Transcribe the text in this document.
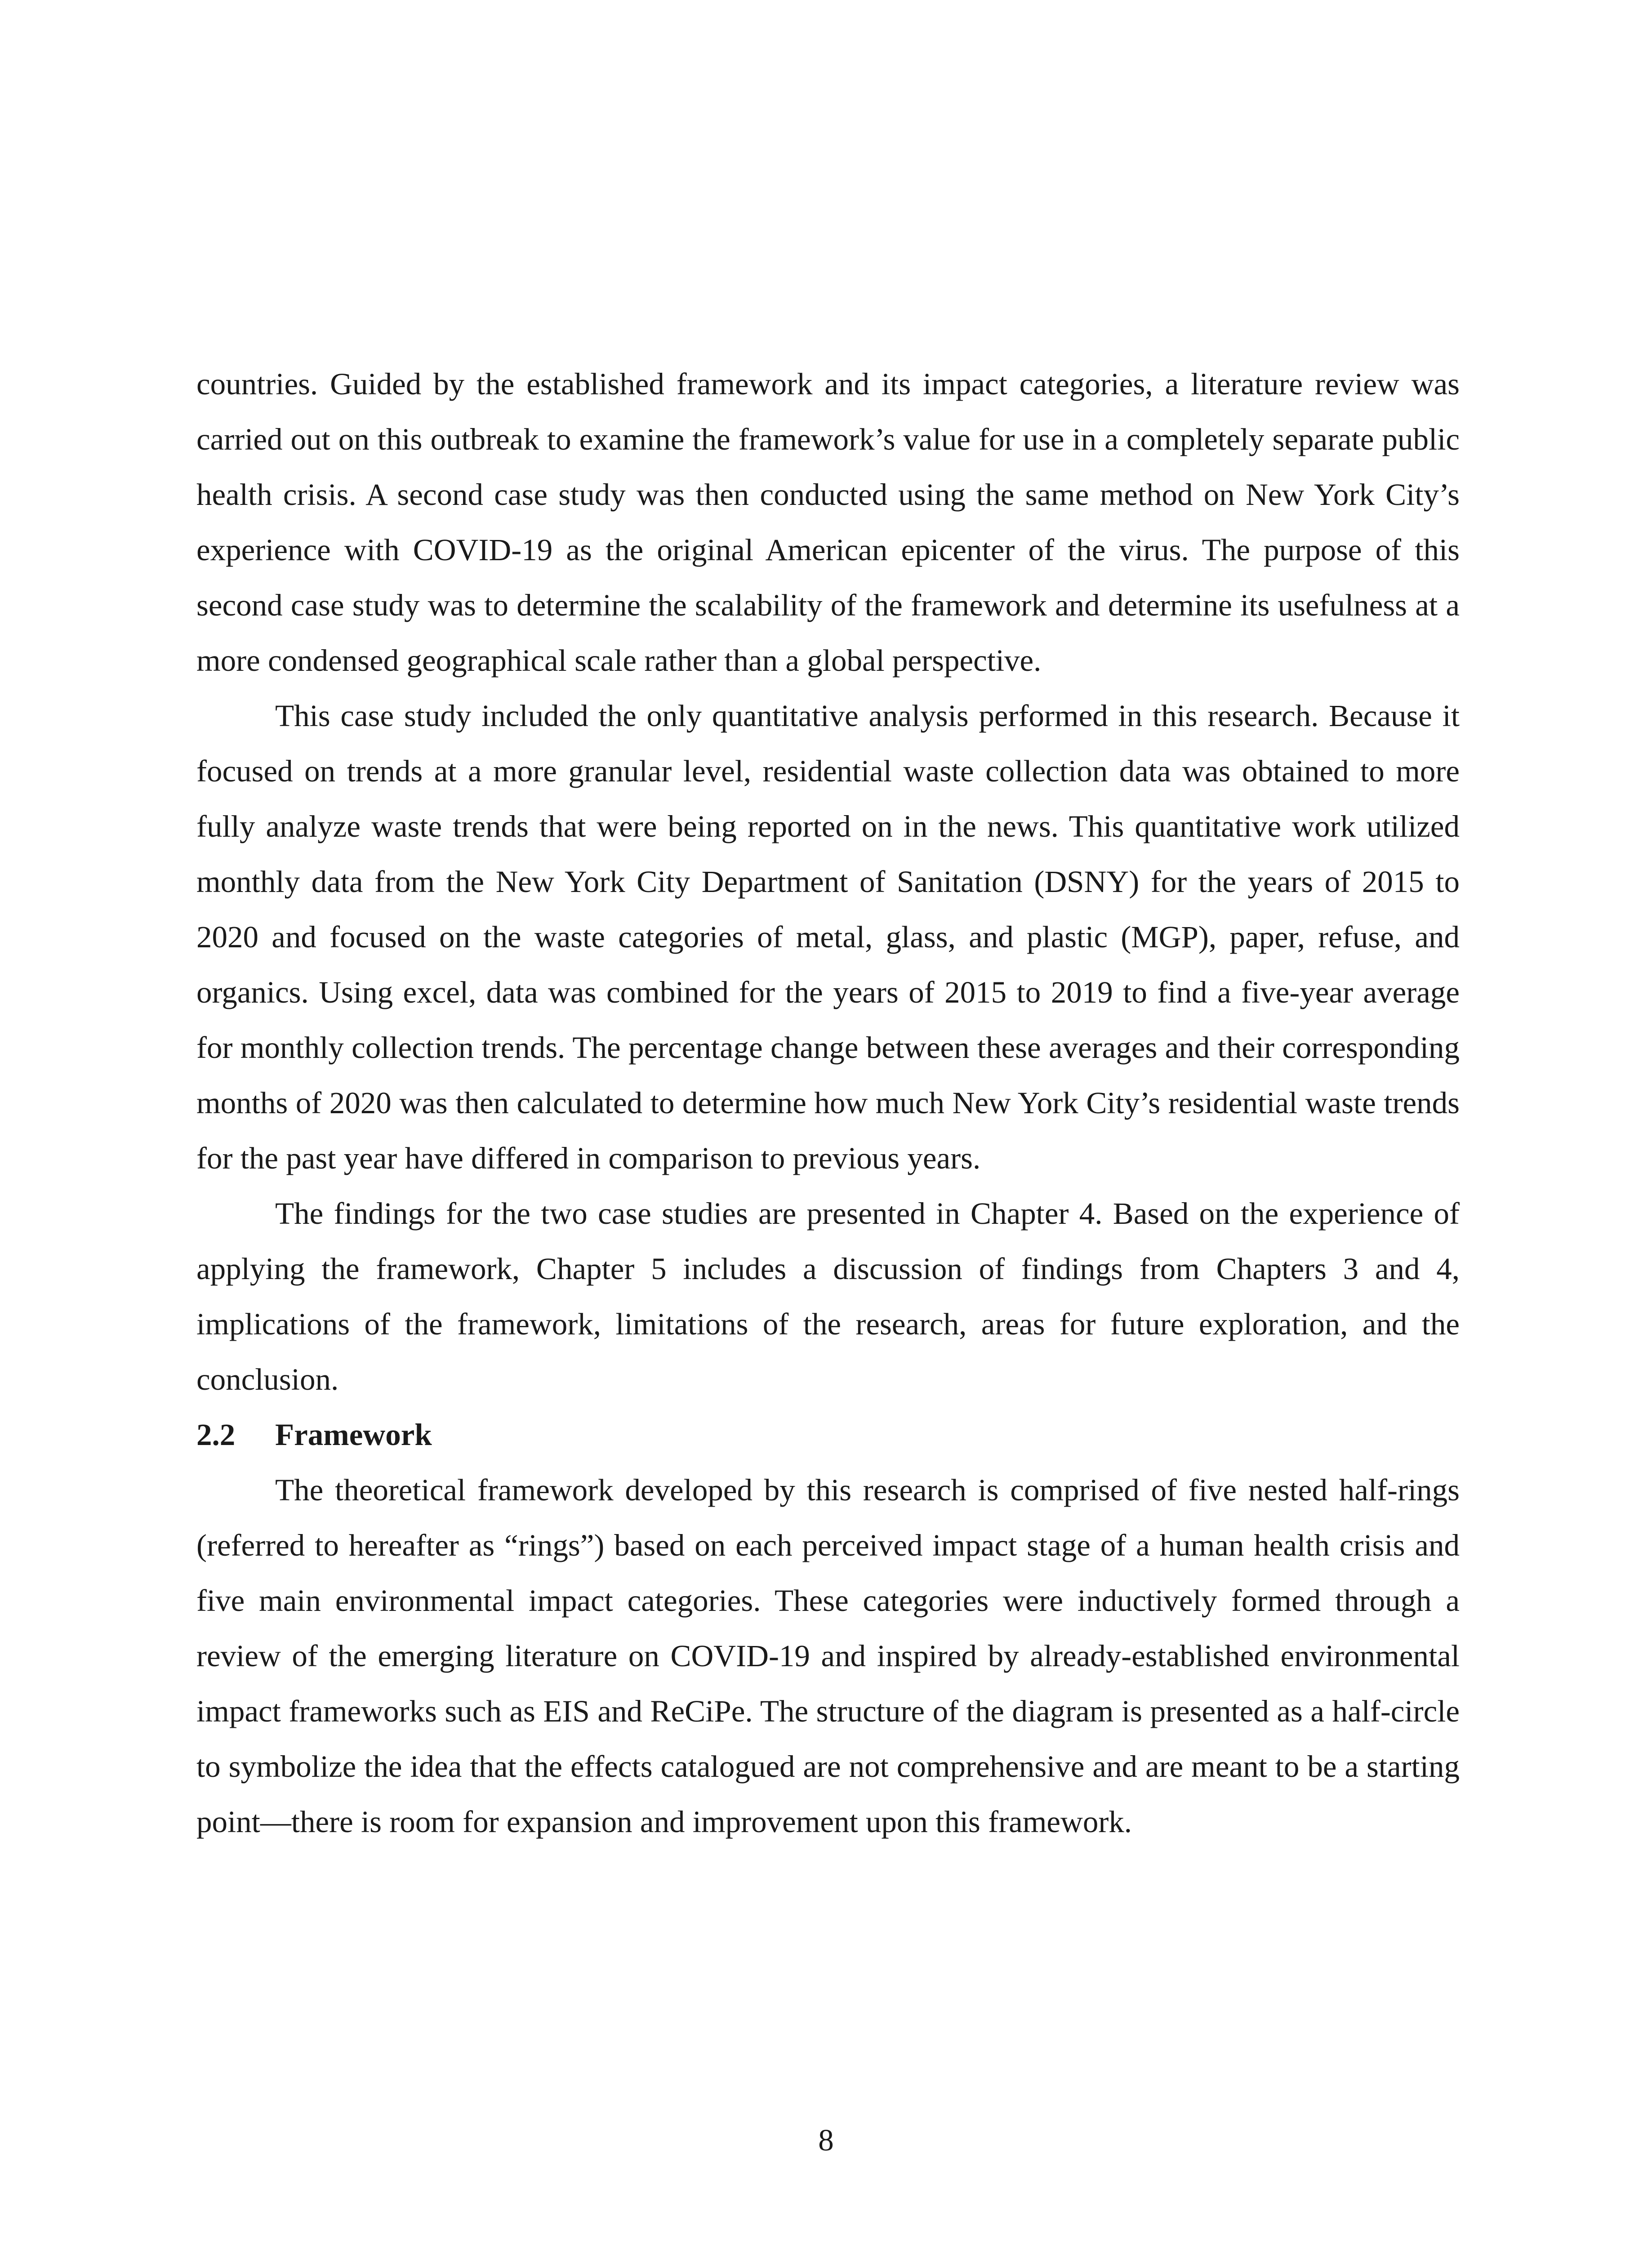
countries. Guided by the established framework and its impact categories, a literature review was carried out on this outbreak to examine the framework’s value for use in a completely separate public health crisis. A second case study was then conducted using the same method on New York City’s experience with COVID-19 as the original American epicenter of the virus. The purpose of this second case study was to determine the scalability of the framework and determine its usefulness at a more condensed geographical scale rather than a global perspective.

This case study included the only quantitative analysis performed in this research. Because it focused on trends at a more granular level, residential waste collection data was obtained to more fully analyze waste trends that were being reported on in the news. This quantitative work utilized monthly data from the New York City Department of Sanitation (DSNY) for the years of 2015 to 2020 and focused on the waste categories of metal, glass, and plastic (MGP), paper, refuse, and organics. Using excel, data was combined for the years of 2015 to 2019 to find a five-year average for monthly collection trends. The percentage change between these averages and their corresponding months of 2020 was then calculated to determine how much New York City’s residential waste trends for the past year have differed in comparison to previous years.

The findings for the two case studies are presented in Chapter 4. Based on the experience of applying the framework, Chapter 5 includes a discussion of findings from Chapters 3 and 4, implications of the framework, limitations of the research, areas for future exploration, and the conclusion.

2.2 Framework

The theoretical framework developed by this research is comprised of five nested half-rings (referred to hereafter as “rings”) based on each perceived impact stage of a human health crisis and five main environmental impact categories. These categories were inductively formed through a review of the emerging literature on COVID-19 and inspired by already-established environmental impact frameworks such as EIS and ReCiPe. The structure of the diagram is presented as a half-circle to symbolize the idea that the effects catalogued are not comprehensive and are meant to be a starting point—there is room for expansion and improvement upon this framework.

8
